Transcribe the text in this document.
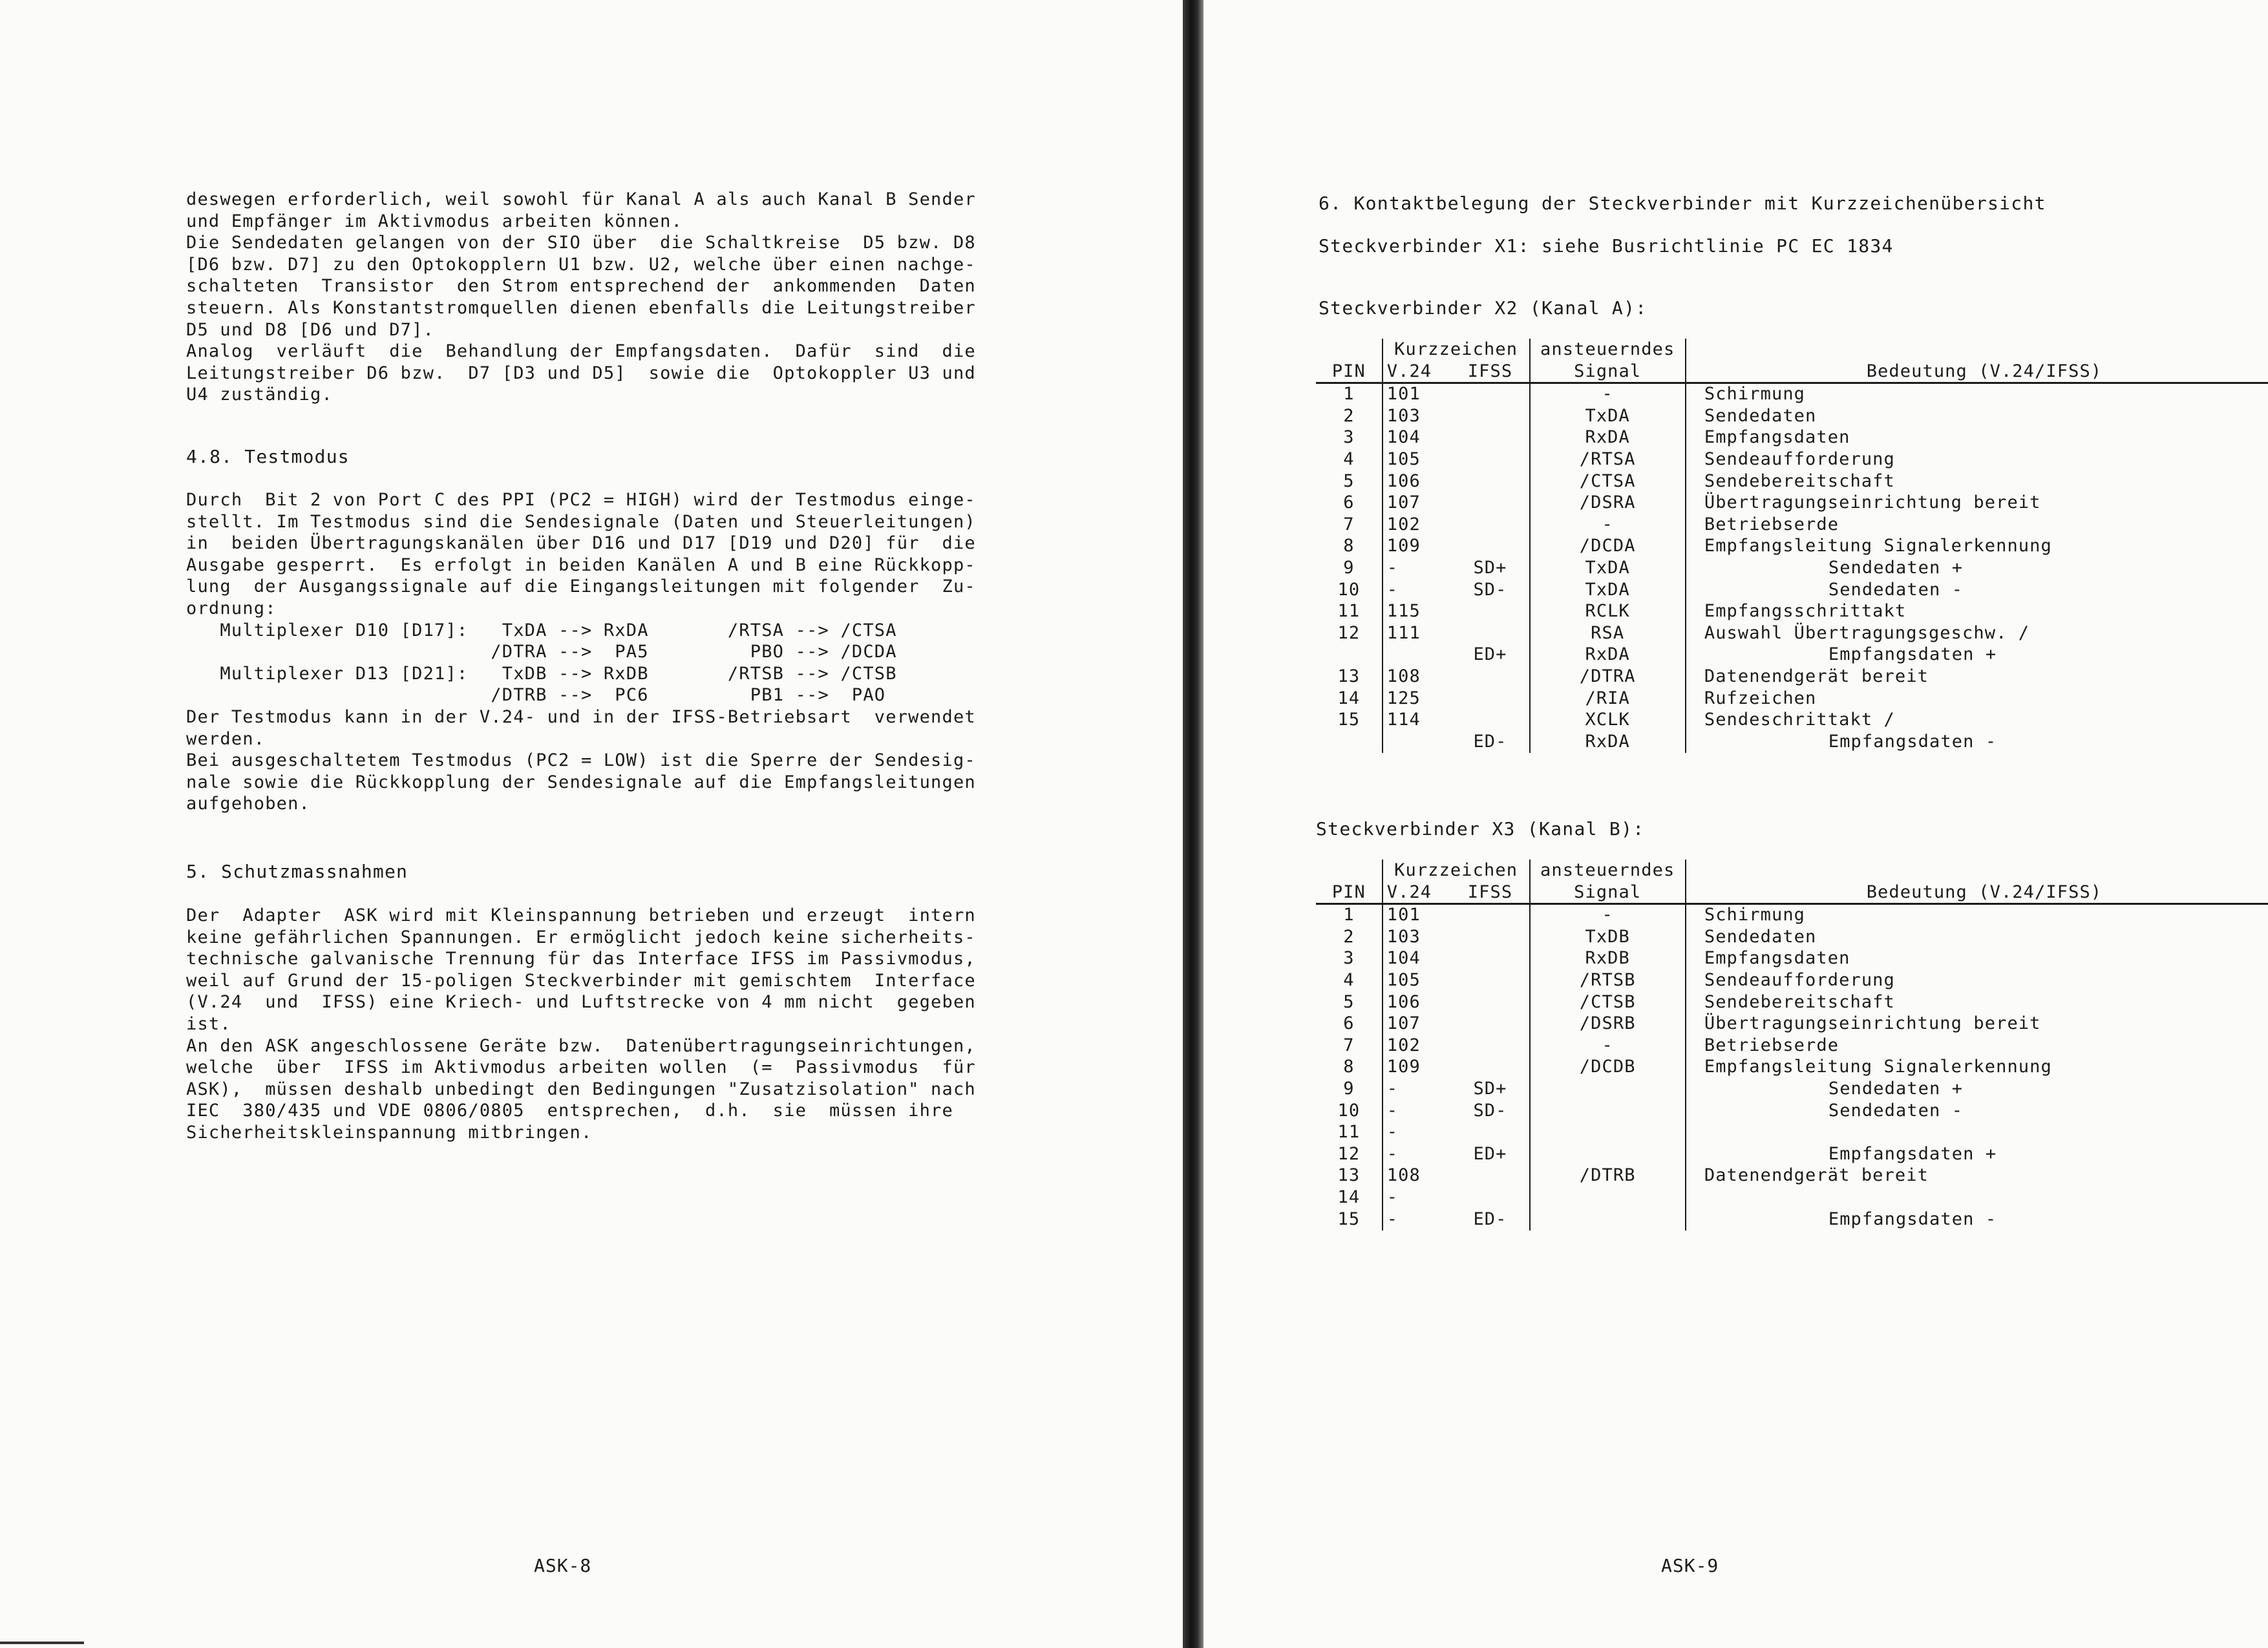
deswegen erforderlich, weil sowohl für Kanal A als auch Kanal B Sender
und Empfänger im Aktivmodus arbeiten können.
Die Sendedaten gelangen von der SIO über  die Schaltkreise  D5 bzw. D8
[D6 bzw. D7] zu den Optokopplern U1 bzw. U2, welche über einen nachge-
schalteten  Transistor  den Strom entsprechend der  ankommenden  Daten
steuern. Als Konstantstromquellen dienen ebenfalls die Leitungstreiber
D5 und D8 [D6 und D7].
Analog  verläuft  die  Behandlung der Empfangsdaten.  Dafür  sind  die
Leitungstreiber D6 bzw.  D7 [D3 und D5]  sowie die  Optokoppler U3 und
U4 zuständig.
4.8. Testmodus
Durch  Bit 2 von Port C des PPI (PC2 = HIGH) wird der Testmodus einge-
stellt. Im Testmodus sind die Sendesignale (Daten und Steuerleitungen)
in  beiden Übertragungskanälen über D16 und D17 [D19 und D20] für  die
Ausgabe gesperrt.  Es erfolgt in beiden Kanälen A und B eine Rückkopp-
lung  der Ausgangssignale auf die Eingangsleitungen mit folgender  Zu-
ordnung:
Multiplexer D10 [D17]:   TxDA --> RxDA       /RTSA --> /CTSA
/DTRA -->  PA5         PBO --> /DCDA
Multiplexer D13 [D21]:   TxDB --> RxDB       /RTSB --> /CTSB
/DTRB -->  PC6         PB1 -->  PAO
Der Testmodus kann in der V.24- und in der IFSS-Betriebsart  verwendet
werden.
Bei ausgeschaltetem Testmodus (PC2 = LOW) ist die Sperre der Sendesig-
nale sowie die Rückkopplung der Sendesignale auf die Empfangsleitungen
aufgehoben.
5. Schutzmassnahmen
Der  Adapter  ASK wird mit Kleinspannung betrieben und erzeugt  intern
keine gefährlichen Spannungen. Er ermöglicht jedoch keine sicherheits-
technische galvanische Trennung für das Interface IFSS im Passivmodus,
weil auf Grund der 15-poligen Steckverbinder mit gemischtem  Interface
(V.24  und  IFSS) eine Kriech- und Luftstrecke von 4 mm nicht  gegeben
ist.
An den ASK angeschlossene Geräte bzw.  Datenübertragungseinrichtungen,
welche  über  IFSS im Aktivmodus arbeiten wollen  (=  Passivmodus  für
ASK),  müssen deshalb unbedingt den Bedingungen "Zusatzisolation" nach
IEC  380/435 und VDE 0806/0805  entsprechen,  d.h.  sie  müssen ihre
Sicherheitskleinspannung mitbringen.
ASK-8
6. Kontaktbelegung der Steckverbinder mit Kurzzeichenübersicht
Steckverbinder X1: siehe Busrichtlinie PC EC 1834
Steckverbinder X2 (Kanal A):
	Kurzzeichen		ansteuerndes	
PIN	V.24	IFSS	Signal	Bedeutung (V.24/IFSS)
1	101		-	Schirmung
2	103		TxDA	Sendedaten
3	104		RxDA	Empfangsdaten
4	105		/RTSA	Sendeaufforderung
5	106		/CTSA	Sendebereitschaft
6	107		/DSRA	Übertragungseinrichtung bereit
7	102		-	Betriebserde
8	109		/DCDA	Empfangsleitung Signalerkennung
9	-	SD+	TxDA	Sendedaten +
10	-	SD-	TxDA	Sendedaten -
11	115		RCLK	Empfangsschrittakt
12	111		RSA	Auswahl Übertragungsgeschw. /
		ED+	RxDA	Empfangsdaten +
13	108		/DTRA	Datenendgerät bereit
14	125		/RIA	Rufzeichen
15	114		XCLK	Sendeschrittakt /
		ED-	RxDA	Empfangsdaten -
Steckverbinder X3 (Kanal B):
	Kurzzeichen		ansteuerndes	
PIN	V.24	IFSS	Signal	Bedeutung (V.24/IFSS)
1	101		-	Schirmung
2	103		TxDB	Sendedaten
3	104		RxDB	Empfangsdaten
4	105		/RTSB	Sendeaufforderung
5	106		/CTSB	Sendebereitschaft
6	107		/DSRB	Übertragungseinrichtung bereit
7	102		-	Betriebserde
8	109		/DCDB	Empfangsleitung Signalerkennung
9	-	SD+		Sendedaten +
10	-	SD-		Sendedaten -
11	-			
12	-	ED+		Empfangsdaten +
13	108		/DTRB	Datenendgerät bereit
14	-			
15	-	ED-		Empfangsdaten -
ASK-9
